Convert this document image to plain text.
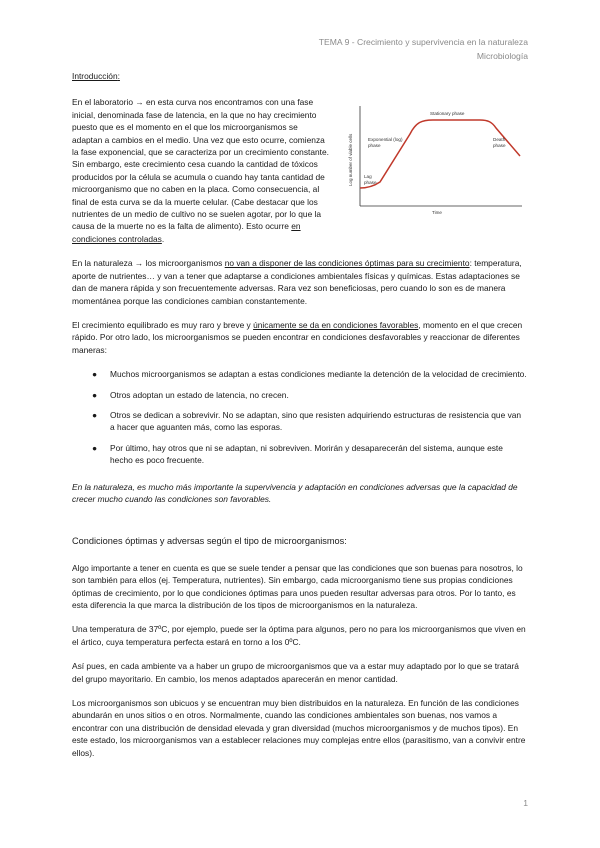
TEMA 9 - Crecimiento y supervivencia en la naturaleza
Microbiología
Introducción:
Log number of viable cells
Time
Stationary phase
Exponential (log)
phase
Death
phase
Lag
phase

En el laboratorio → en esta curva nos encontramos con una fase inicial, denominada fase de latencia, en la que no hay crecimiento puesto que es el momento en el que los microorganismos se adaptan a cambios en el medio. Una vez que esto ocurre, comienza la fase exponencial, que se caracteriza por un crecimiento constante. Sin embargo, este crecimiento cesa cuando la cantidad de tóxicos producidos por la célula se acumula o cuando hay tanta cantidad de microorganismo que no caben en la placa. Como consecuencia, al final de esta curva se da la muerte celular. (Cabe destacar que los nutrientes de un medio de cultivo no se suelen agotar, por lo que la causa de la muerte no es la falta de alimento). Esto ocurre en condiciones controladas.

En la naturaleza → los microorganismos no van a disponer de las condiciones óptimas para su crecimiento: temperatura, aporte de nutrientes… y van a tener que adaptarse a condiciones ambientales físicas y químicas. Estas adaptaciones se dan de manera rápida y son frecuentemente adversas. Rara vez son beneficiosas, pero cuando lo son es de manera momentánea porque las condiciones cambian constantemente.

El crecimiento equilibrado es muy raro y breve y únicamente se da en condiciones favorables, momento en el que crecen rápido. Por otro lado, los microorganismos se pueden encontrar en condiciones desfavorables y reaccionar de diferentes maneras:

● Muchos microorganismos se adaptan a estas condiciones mediante la detención de la velocidad de crecimiento.
● Otros adoptan un estado de latencia, no crecen.
● Otros se dedican a sobrevivir. No se adaptan, sino que resisten adquiriendo estructuras de resistencia que van a hacer que aguanten más, como las esporas.
● Por último, hay otros que ni se adaptan, ni sobreviven. Morirán y desaparecerán del sistema, aunque este hecho es poco frecuente.

En la naturaleza, es mucho más importante la supervivencia y adaptación en condiciones adversas que la capacidad de crecer mucho cuando las condiciones son favorables.

Condiciones óptimas y adversas según el tipo de microorganismos:

Algo importante a tener en cuenta es que se suele tender a pensar que las condiciones que son buenas para nosotros, lo son también para ellos (ej. Temperatura, nutrientes). Sin embargo, cada microorganismo tiene sus propias condiciones óptimas de crecimiento, por lo que condiciones óptimas para unos pueden resultar adversas para otros. Por lo tanto, es esta diferencia la que marca la distribución de los tipos de microorganismos en la naturaleza.

Una temperatura de 37ºC, por ejemplo, puede ser la óptima para algunos, pero no para los microorganismos que viven en el ártico, cuya temperatura perfecta estará en torno a los 0ºC.

Así pues, en cada ambiente va a haber un grupo de microorganismos que va a estar muy adaptado por lo que se tratará del grupo mayoritario. En cambio, los menos adaptados aparecerán en menor cantidad.

Los microorganismos son ubicuos y se encuentran muy bien distribuidos en la naturaleza. En función de las condiciones abundarán en unos sitios o en otros. Normalmente, cuando las condiciones ambientales son buenas, nos vamos a encontrar con una distribución de densidad elevada y gran diversidad (muchos microorganismos y de muchos tipos). En este estado, los microorganismos van a establecer relaciones muy complejas entre ellos (parasitismo, van a convivir entre ellos).

1
